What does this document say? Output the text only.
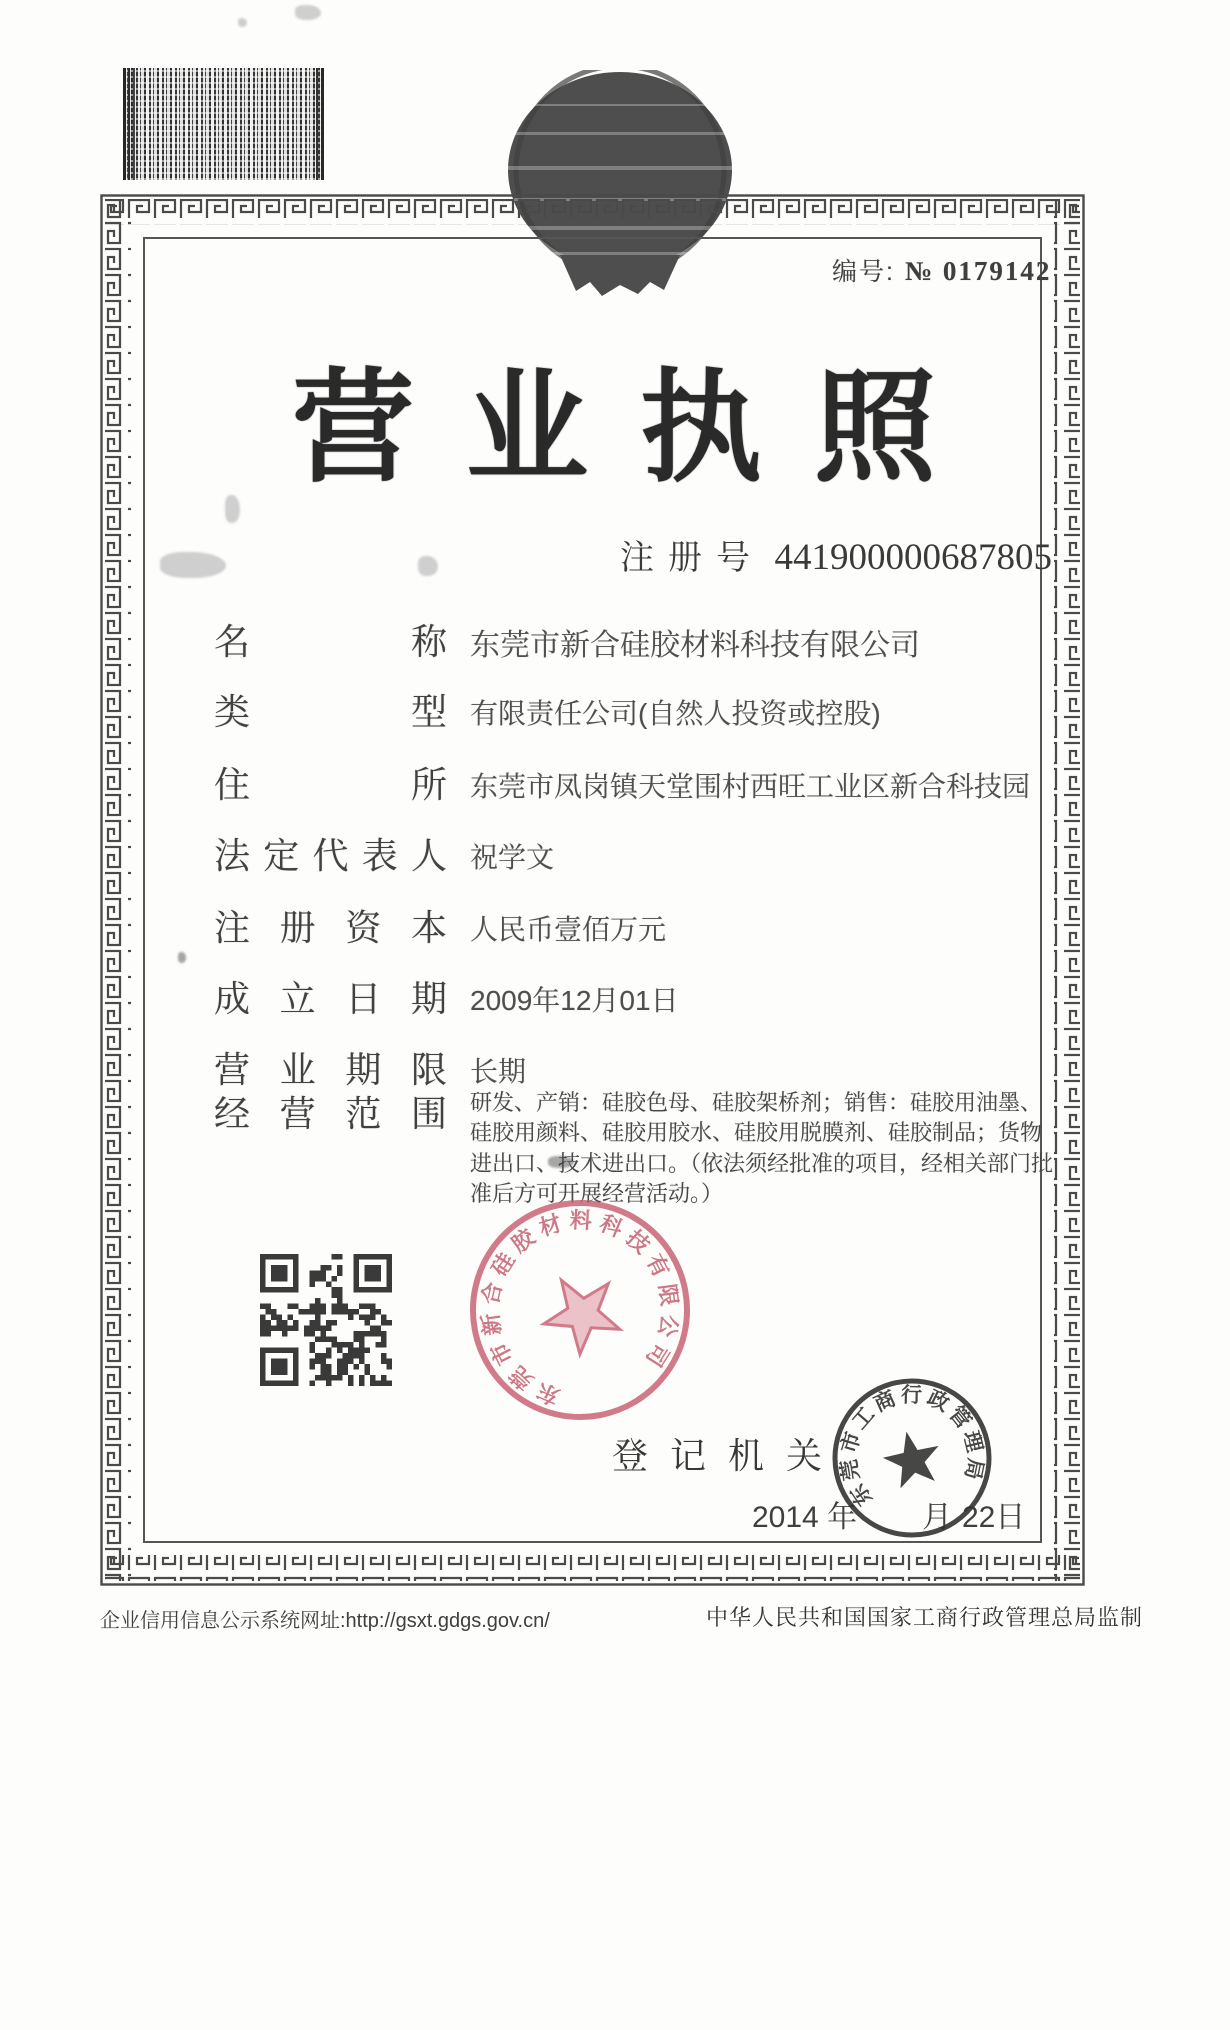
编号: № 0179142
营业执照
注册号 441900000687805
名称 东莞市新合硅胶材料科技有限公司
类型 有限责任公司(自然人投资或控股)
住所 东莞市凤岗镇天堂围村西旺工业区新合科技园
法定代表人 祝学文
注册资本 人民币壹佰万元
成立日期 2009年12月01日
营业期限 长期
经营范围 研发、产销：硅胶色母、硅胶架桥剂；销售：硅胶用油墨、硅胶用颜料、硅胶用胶水、硅胶用脱膜剂、硅胶制品；货物进出口、技术进出口。（依法须经批准的项目，经相关部门批准后方可开展经营活动。）
东莞市新合硅胶材料科技有限公司
登记机关
2014 年 月 22日
东莞市工商行政管理局
企业信用信息公示系统网址:http://gsxt.gdgs.gov.cn/	中华人民共和国国家工商行政管理总局监制
